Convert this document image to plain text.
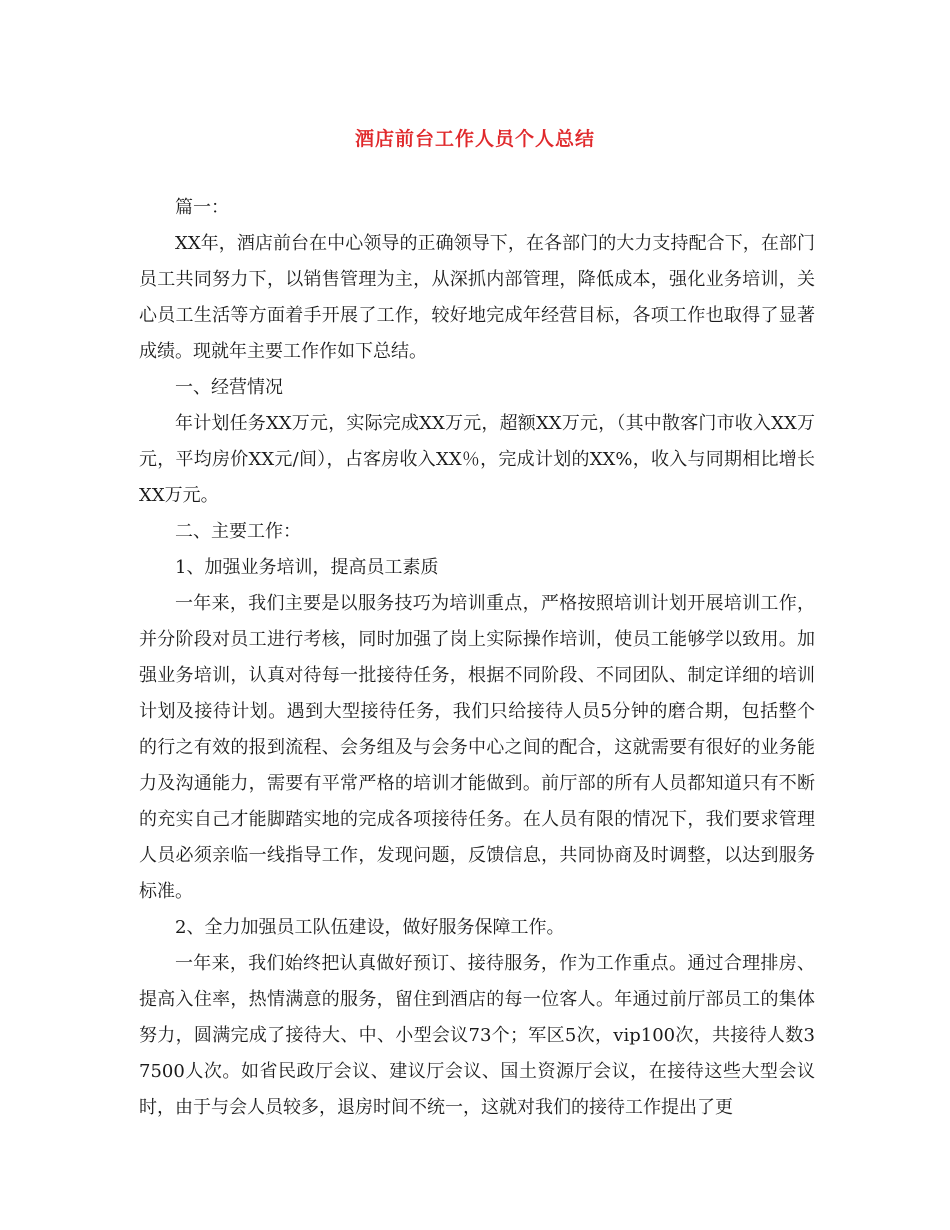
酒店前台工作人员个人总结

篇一：

XX年，酒店前台在中心领导的正确领导下，在各部门的大力支持配合下，在部门员工共同努力下，以销售管理为主，从深抓内部管理，降低成本，强化业务培训，关心员工生活等方面着手开展了工作，较好地完成年经营目标，各项工作也取得了显著成绩。现就年主要工作作如下总结。

一、经营情况

年计划任务XX万元，实际完成XX万元，超额XX万元，（其中散客门市收入XX万元，平均房价XX元/间），占客房收入XX％，完成计划的XX%，收入与同期相比增长XX万元。

二、主要工作：

1、加强业务培训，提高员工素质

一年来，我们主要是以服务技巧为培训重点，严格按照培训计划开展培训工作，并分阶段对员工进行考核，同时加强了岗上实际操作培训，使员工能够学以致用。加强业务培训，认真对待每一批接待任务，根据不同阶段、不同团队、制定详细的培训计划及接待计划。遇到大型接待任务，我们只给接待人员5分钟的磨合期，包括整个的行之有效的报到流程、会务组及与会务中心之间的配合，这就需要有很好的业务能力及沟通能力，需要有平常严格的培训才能做到。前厅部的所有人员都知道只有不断的充实自己才能脚踏实地的完成各项接待任务。在人员有限的情况下，我们要求管理人员必须亲临一线指导工作，发现问题，反馈信息，共同协商及时调整，以达到服务标准。

2、全力加强员工队伍建设，做好服务保障工作。

一年来，我们始终把认真做好预订、接待服务，作为工作重点。通过合理排房、提高入住率，热情满意的服务，留住到酒店的每一位客人。年通过前厅部员工的集体努力，圆满完成了接待大、中、小型会议73个；军区5次，vip100次，共接待人数37500人次。如省民政厅会议、建议厅会议、国土资源厅会议，在接待这些大型会议时，由于与会人员较多，退房时间不统一，这就对我们的接待工作提出了更
